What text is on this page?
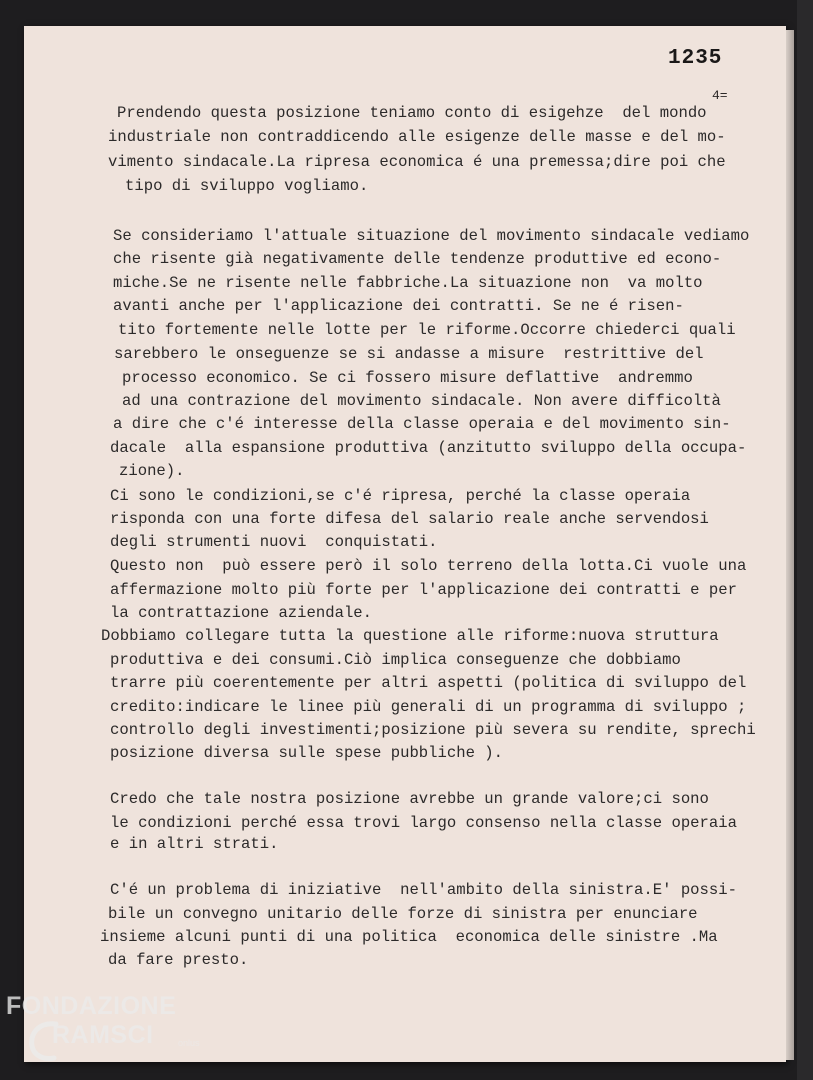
1235
4=
Prendendo questa posizione teniamo conto di esigehze  del mondo
industriale non contraddicendo alle esigenze delle masse e del mo-
vimento sindacale.La ripresa economica é una premessa;dire poi che
tipo di sviluppo vogliamo.
Se consideriamo l'attuale situazione del movimento sindacale vediamo
che risente già negativamente delle tendenze produttive ed econo-
miche.Se ne risente nelle fabbriche.La situazione non  va molto
avanti anche per l'applicazione dei contratti. Se ne é risen-
tito fortemente nelle lotte per le riforme.Occorre chiederci quali
sarebbero le onseguenze se si andasse a misure  restrittive del
processo economico. Se ci fossero misure deflattive  andremmo
ad una contrazione del movimento sindacale. Non avere difficoltà
a dire che c'é interesse della classe operaia e del movimento sin-
dacale  alla espansione produttiva (anzitutto sviluppo della occupa-
zione).
Ci sono le condizioni,se c'é ripresa, perché la classe operaia
risponda con una forte difesa del salario reale anche servendosi
degli strumenti nuovi  conquistati.
Questo non  può essere però il solo terreno della lotta.Ci vuole una
affermazione molto più forte per l'applicazione dei contratti e per
la contrattazione aziendale.
Dobbiamo collegare tutta la questione alle riforme:nuova struttura
produttiva e dei consumi.Ciò implica conseguenze che dobbiamo
trarre più coerentemente per altri aspetti (politica di sviluppo del
credito:indicare le linee più generali di un programma di sviluppo ;
controllo degli investimenti;posizione più severa su rendite, sprechi
posizione diversa sulle spese pubbliche ).
Credo che tale nostra posizione avrebbe un grande valore;ci sono
le condizioni perché essa trovi largo consenso nella classe operaia
e in altri strati.
C'é un problema di iniziative  nell'ambito della sinistra.E' possi-
bile un convegno unitario delle forze di sinistra per enunciare
insieme alcuni punti di una politica  economica delle sinistre .Ma
da fare presto.
FONDAZIONE
RAMSCI	onlus
